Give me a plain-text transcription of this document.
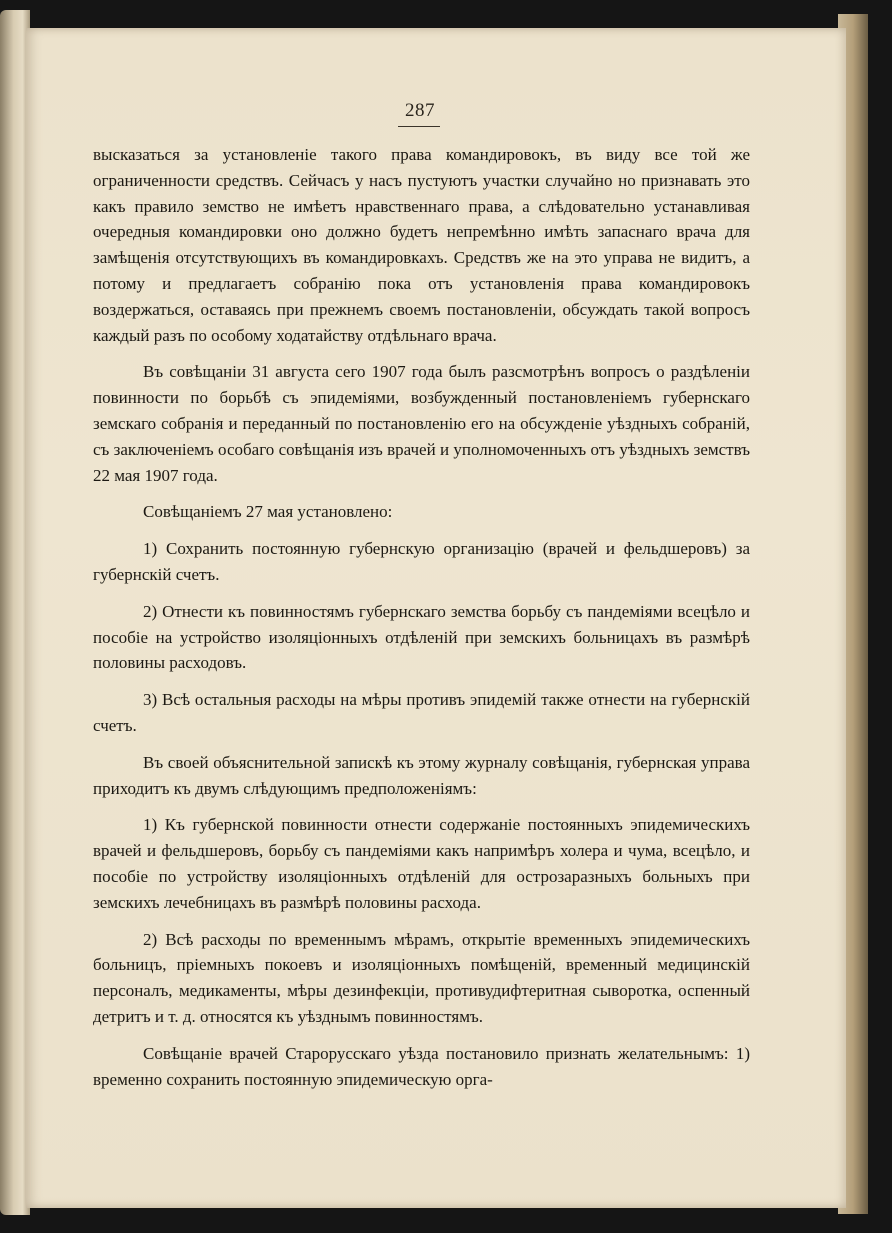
287

высказаться за установленіе такого права командировокъ, въ виду все той же ограниченности средствъ. Сейчасъ у насъ пустуютъ участки случайно но признавать это какъ правило земство не имѣетъ нравственнаго права, а слѣдовательно устанавливая очередныя командировки оно должно будетъ непремѣнно имѣть запаснаго врача для замѣщенія отсутствующихъ въ командировкахъ. Средствъ же на это управа не видитъ, а потому и предлагаетъ собранію пока отъ установленія права командировокъ воздержаться, оставаясь при прежнемъ своемъ постановленіи, обсуждать такой вопросъ каждый разъ по особому ходатайству отдѣльнаго врача.

Въ совѣщаніи 31 августа сего 1907 года былъ разсмотрѣнъ вопросъ о раздѣленіи повинности по борьбѣ съ эпидеміями, возбужденный постановленіемъ губернскаго земскаго собранія и переданный по постановленію его на обсужденіе уѣздныхъ собраній, съ заключеніемъ особаго совѣщанія изъ врачей и уполномоченныхъ отъ уѣздныхъ земствъ 22 мая 1907 года.

Совѣщаніемъ 27 мая установлено:

1) Сохранить постоянную губернскую организацію (врачей и фельдшеровъ) за губернскій счетъ.

2) Отнести къ повинностямъ губернскаго земства борьбу съ пандеміями всецѣло и пособіе на устройство изоляціонныхъ отдѣленій при земскихъ больницахъ въ размѣрѣ половины расходовъ.

3) Всѣ остальныя расходы на мѣры противъ эпидемій также отнести на губернскій счетъ.

Въ своей объяснительной запискѣ къ этому журналу совѣщанія, губернская управа приходитъ къ двумъ слѣдующимъ предположеніямъ:

1) Къ губернской повинности отнести содержаніе постоянныхъ эпидемическихъ врачей и фельдшеровъ, борьбу съ пандеміями какъ напримѣръ холера и чума, всецѣло, и пособіе по устройству изоляціонныхъ отдѣленій для острозаразныхъ больныхъ при земскихъ лечебницахъ въ размѣрѣ половины расхода.

2) Всѣ расходы по временнымъ мѣрамъ, открытіе временныхъ эпидемическихъ больницъ, пріемныхъ покоевъ и изоляціонныхъ помѣщеній, временный медицинскій персоналъ, медикаменты, мѣры дезинфекціи, противудифтеритная сыворотка, оспенный детритъ и т. д. относятся къ уѣзднымъ повинностямъ.

Совѣщаніе врачей Старорусскаго уѣзда постановило признать желательнымъ: 1) временно сохранить постоянную эпидемическую орга-
